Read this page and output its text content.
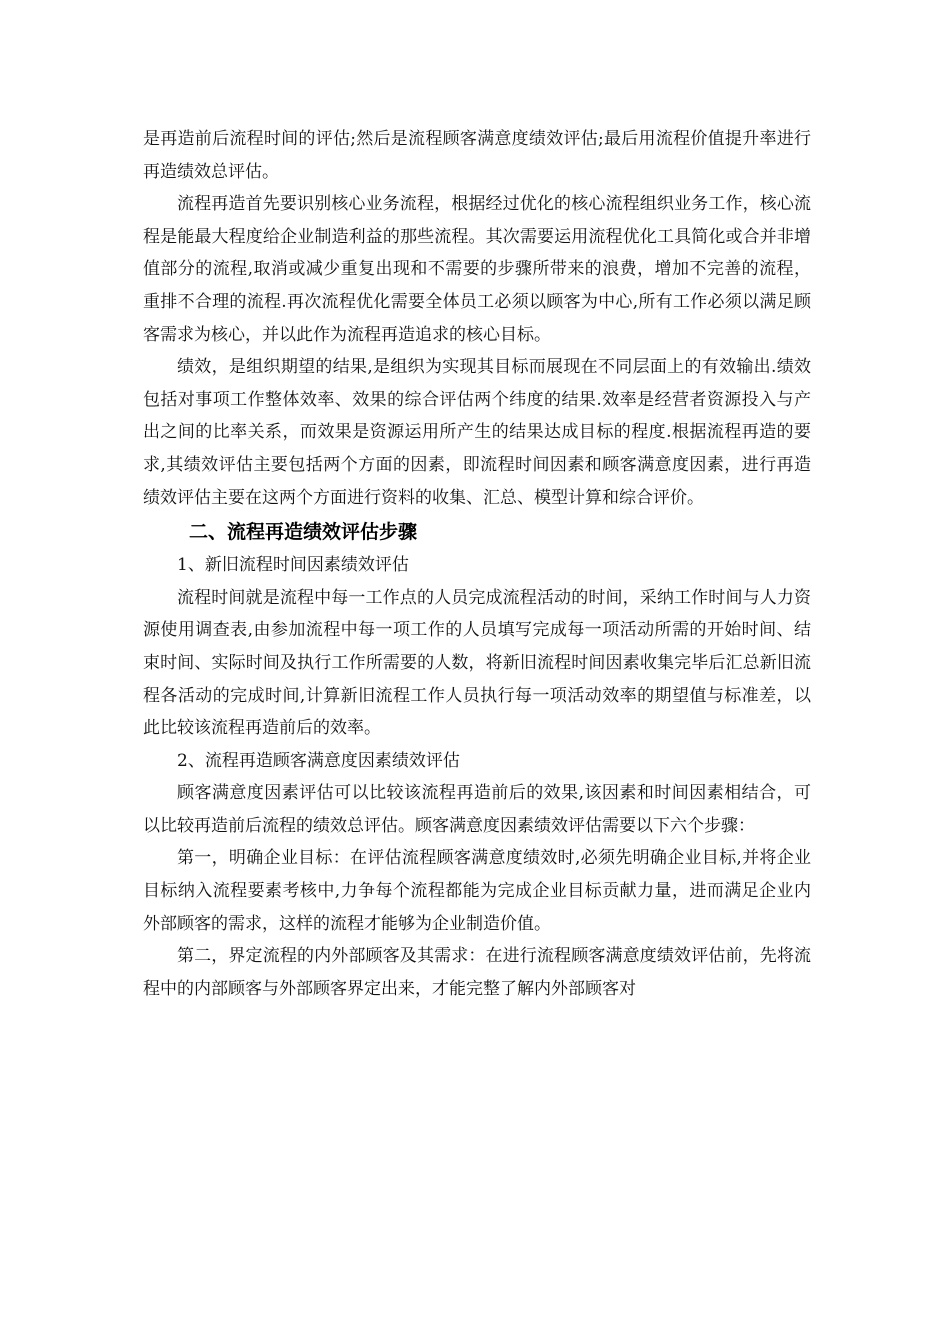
是再造前后流程时间的评估;然后是流程顾客满意度绩效评估;最后用流程价值提升率进行再造绩效总评估。

流程再造首先要识别核心业务流程，根据经过优化的核心流程组织业务工作，核心流程是能最大程度给企业制造利益的那些流程。其次需要运用流程优化工具简化或合并非增值部分的流程,取消或减少重复出现和不需要的步骤所带来的浪费，增加不完善的流程，重排不合理的流程.再次流程优化需要全体员工必须以顾客为中心,所有工作必须以满足顾客需求为核心，并以此作为流程再造追求的核心目标。

绩效，是组织期望的结果,是组织为实现其目标而展现在不同层面上的有效输出.绩效包括对事项工作整体效率、效果的综合评估两个纬度的结果.效率是经营者资源投入与产出之间的比率关系，而效果是资源运用所产生的结果达成目标的程度.根据流程再造的要求,其绩效评估主要包括两个方面的因素，即流程时间因素和顾客满意度因素，进行再造绩效评估主要在这两个方面进行资料的收集、汇总、模型计算和综合评价。

二、流程再造绩效评估步骤

1、新旧流程时间因素绩效评估

流程时间就是流程中每一工作点的人员完成流程活动的时间，采纳工作时间与人力资源使用调查表,由参加流程中每一项工作的人员填写完成每一项活动所需的开始时间、结束时间、实际时间及执行工作所需要的人数，将新旧流程时间因素收集完毕后汇总新旧流程各活动的完成时间,计算新旧流程工作人员执行每一项活动效率的期望值与标准差，以此比较该流程再造前后的效率。

2、流程再造顾客满意度因素绩效评估

顾客满意度因素评估可以比较该流程再造前后的效果,该因素和时间因素相结合，可以比较再造前后流程的绩效总评估。顾客满意度因素绩效评估需要以下六个步骤：

第一，明确企业目标：在评估流程顾客满意度绩效时,必须先明确企业目标,并将企业目标纳入流程要素考核中,力争每个流程都能为完成企业目标贡献力量，进而满足企业内外部顾客的需求，这样的流程才能够为企业制造价值。

第二，界定流程的内外部顾客及其需求：在进行流程顾客满意度绩效评估前，先将流程中的内部顾客与外部顾客界定出来，才能完整了解内外部顾客对
